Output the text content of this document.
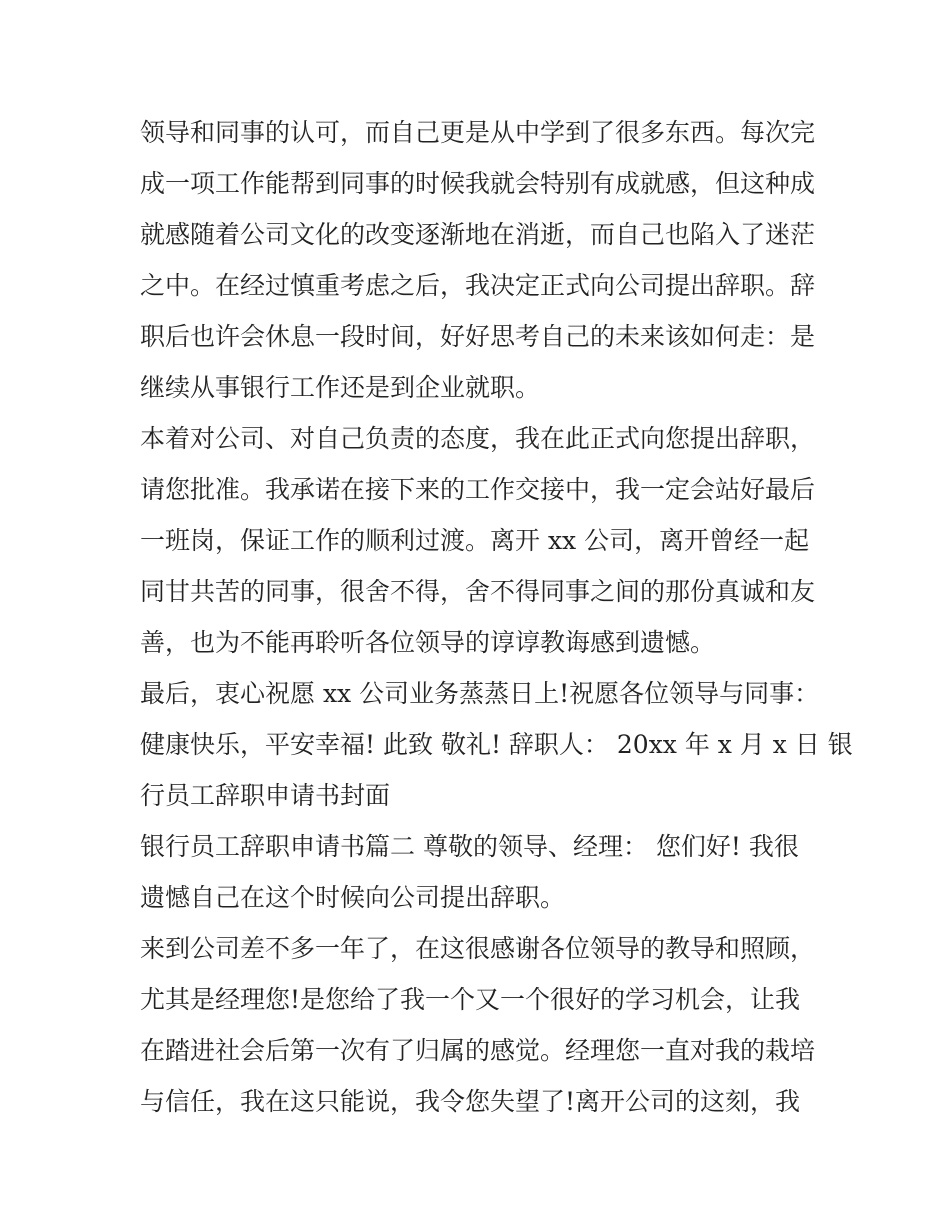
领导和同事的认可，而自己更是从中学到了很多东西。每次完
成一项工作能帮到同事的时候我就会特别有成就感，但这种成
就感随着公司文化的改变逐渐地在消逝，而自己也陷入了迷茫
之中。在经过慎重考虑之后，我决定正式向公司提出辞职。辞
职后也许会休息一段时间，好好思考自己的未来该如何走：是
继续从事银行工作还是到企业就职。
本着对公司、对自己负责的态度，我在此正式向您提出辞职，
请您批准。我承诺在接下来的工作交接中，我一定会站好最后
一班岗，保证工作的顺利过渡。离开 xx 公司，离开曾经一起
同甘共苦的同事，很舍不得，舍不得同事之间的那份真诚和友
善，也为不能再聆听各位领导的谆谆教诲感到遗憾。
最后，衷心祝愿 xx 公司业务蒸蒸日上!祝愿各位领导与同事：
健康快乐，平安幸福! 此致 敬礼! 辞职人： 20xx 年 x 月 x 日 银
行员工辞职申请书封面
银行员工辞职申请书篇二 尊敬的领导、经理： 您们好! 我很
遗憾自己在这个时候向公司提出辞职。
来到公司差不多一年了，在这很感谢各位领导的教导和照顾，
尤其是经理您!是您给了我一个又一个很好的学习机会，让我
在踏进社会后第一次有了归属的感觉。经理您一直对我的栽培
与信任，我在这只能说，我令您失望了!离开公司的这刻，我
